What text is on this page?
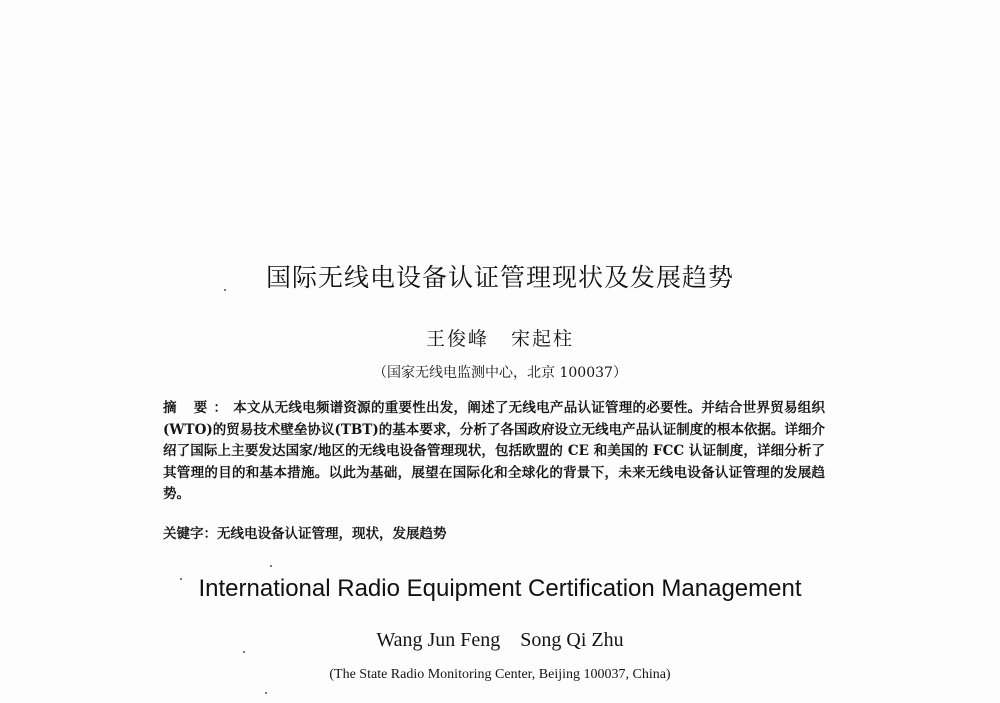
国际无线电设备认证管理现状及发展趋势
王俊峰 宋起柱
（国家无线电监测中心，北京 100037）
摘 要：本文从无线电频谱资源的重要性出发，阐述了无线电产品认证管理的必要性。并结合世界贸易组织(WTO)的贸易技术壁垒协议(TBT)的基本要求，分析了各国政府设立无线电产品认证制度的根本依据。详细介绍了国际上主要发达国家/地区的无线电设备管理现状，包括欧盟的 CE 和美国的 FCC 认证制度，详细分析了其管理的目的和基本措施。以此为基础，展望在国际化和全球化的背景下，未来无线电设备认证管理的发展趋势。
关键字：无线电设备认证管理，现状，发展趋势
International Radio Equipment Certification Management
Wang Jun Feng Song Qi Zhu
(The State Radio Monitoring Center, Beijing 100037, China)
